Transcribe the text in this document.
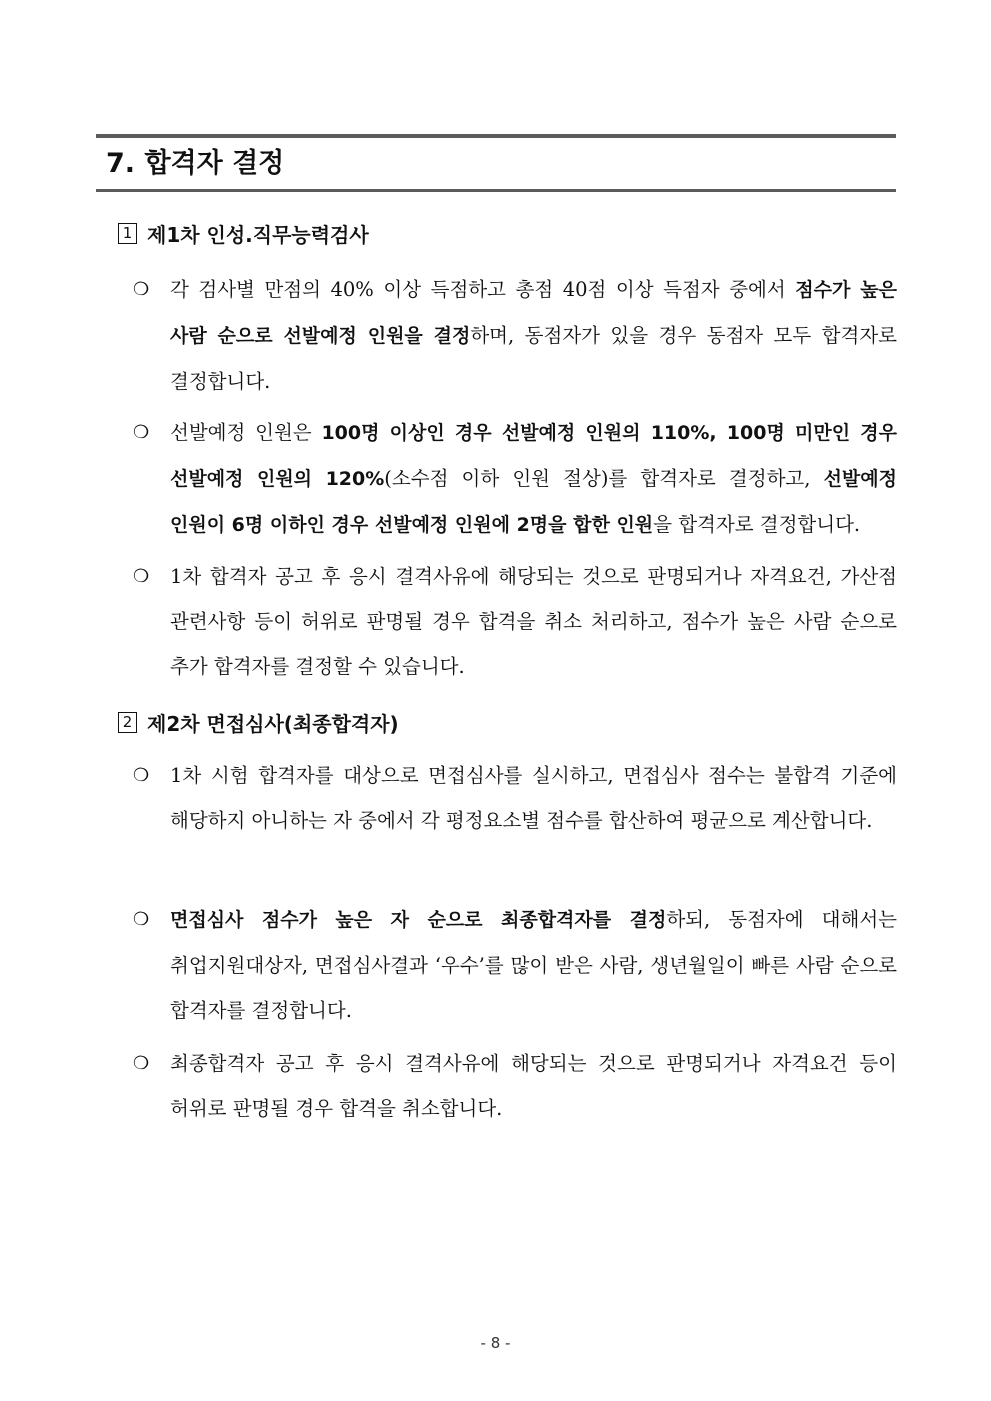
7. 합격자 결정
1 제1차 인성.직무능력검사
❍	각 검사별 만점의 40% 이상 득점하고 총점 40점 이상 득점자 중에서 점수가 높은 사람 순으로 선발예정 인원을 결정하며, 동점자가 있을 경우 동점자 모두 합격자로 결정합니다.
❍	선발예정 인원은 100명 이상인 경우 선발예정 인원의 110%, 100명 미만인 경우 선발예정 인원의 120%(소수점 이하 인원 절상)를 합격자로 결정하고, 선발예정 인원이 6명 이하인 경우 선발예정 인원에 2명을 합한 인원을 합격자로 결정합니다.
❍	1차 합격자 공고 후 응시 결격사유에 해당되는 것으로 판명되거나 자격요건, 가산점 관련사항 등이 허위로 판명될 경우 합격을 취소 처리하고, 점수가 높은 사람 순으로 추가 합격자를 결정할 수 있습니다.
2 제2차 면접심사(최종합격자)
❍	1차 시험 합격자를 대상으로 면접심사를 실시하고, 면접심사 점수는 불합격 기준에 해당하지 아니하는 자 중에서 각 평정요소별 점수를 합산하여 평균으로 계산합니다.
❍	면접심사 점수가 높은 자 순으로 최종합격자를 결정하되, 동점자에 대해서는 취업지원대상자, 면접심사결과 ‘우수’를 많이 받은 사람, 생년월일이 빠른 사람 순으로 합격자를 결정합니다.
❍	최종합격자 공고 후 응시 결격사유에 해당되는 것으로 판명되거나 자격요건 등이 허위로 판명될 경우 합격을 취소합니다.
- 8 -
